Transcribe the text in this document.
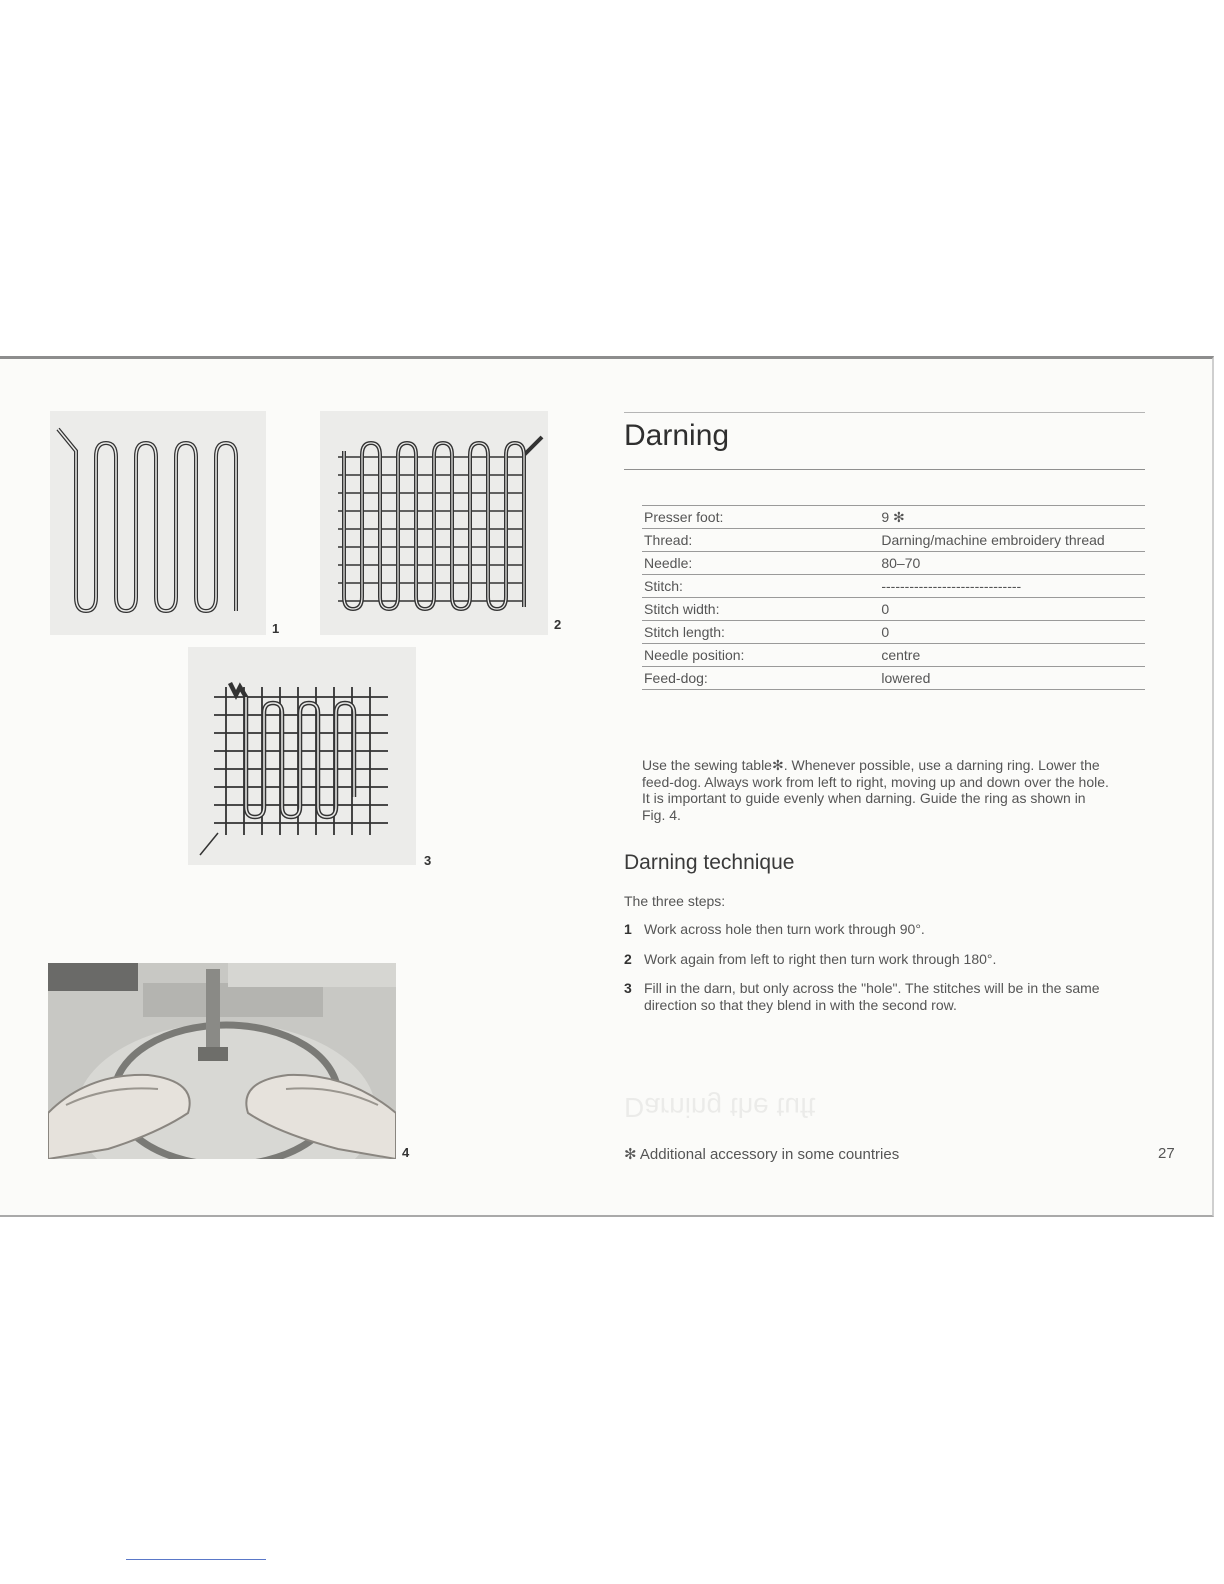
1	2
3
4

Darning the tuft

Darning
Presser foot:	9 ✻
Thread:	Darning/machine embroidery thread
Needle:	80–70
Stitch:	------------------------------
Stitch width:	0
Stitch length:	0
Needle position:	centre
Feed-dog:	lowered

Use the sewing table✻. Whenever possible, use a darning ring. Lower the feed-dog. Always work from left to right, moving up and down over the hole. It is important to guide evenly when darning. Guide the ring as shown in Fig. 4.

Darning technique

The three steps:

1 Work across hole then turn work through 90°.
2 Work again from left to right then turn work through 180°.
3 Fill in the darn, but only across the "hole". The stitches will be in the same direction so that they blend in with the second row.

✻ Additional accessory in some countries	27
